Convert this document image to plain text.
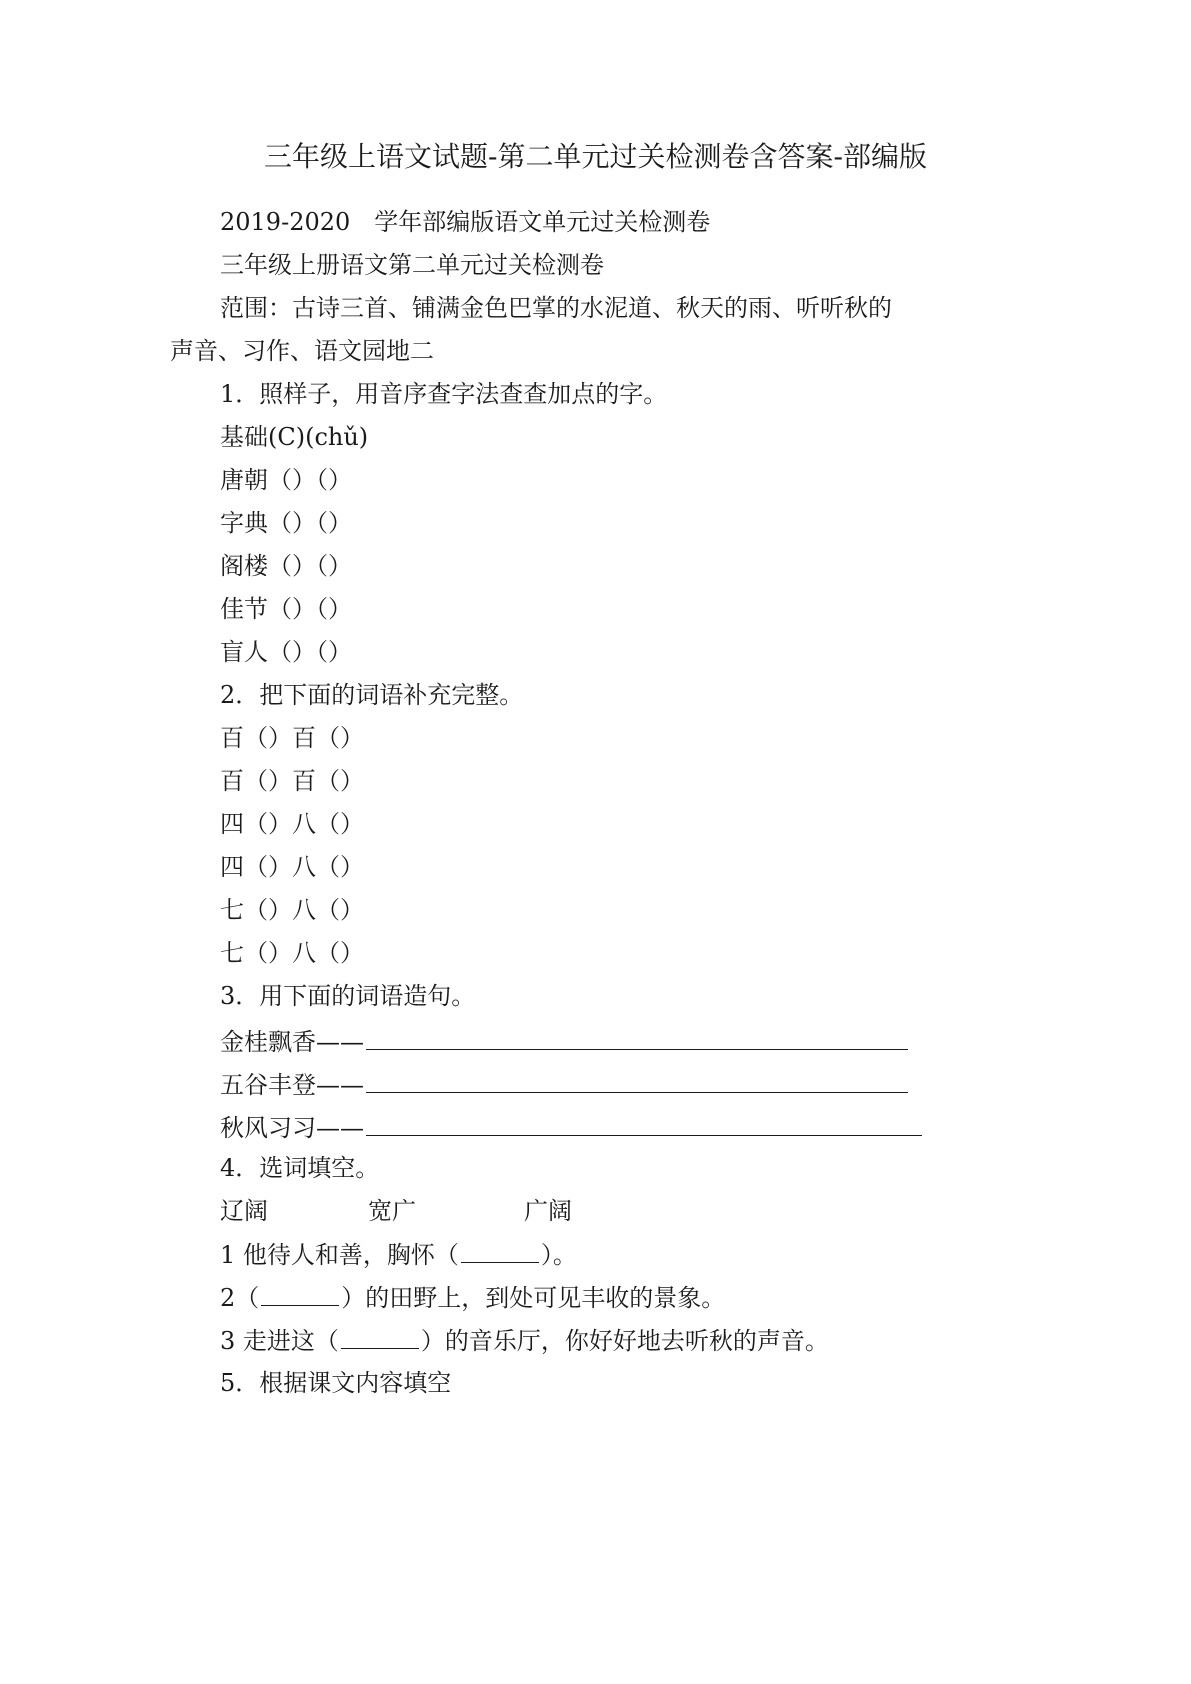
三年级上语文试题-第二单元过关检测卷含答案-部编版
2019-2020　学年部编版语文单元过关检测卷
三年级上册语文第二单元过关检测卷
范围：古诗三首、铺满金色巴掌的水泥道、秋天的雨、听听秋的
声音、习作、语文园地二
1．照样子，用音序查字法查查加点的字。
基础(C)(chǔ)
唐朝（）（）
字典（）（）
阁楼（）（）
佳节（）（）
盲人（）（）
2．把下面的词语补充完整。
百（）百（）
百（）百（）
四（）八（）
四（）八（）
七（）八（）
七（）八（）
3．用下面的词语造句。
金桂飘香——
五谷丰登——
秋风习习——
4．选词填空。
辽阔	宽广	广阔
1 他待人和善，胸怀（	）。
2（	）的田野上，到处可见丰收的景象。
3 走进这（	）的音乐厅，你好好地去听秋的声音。
5．根据课文内容填空
